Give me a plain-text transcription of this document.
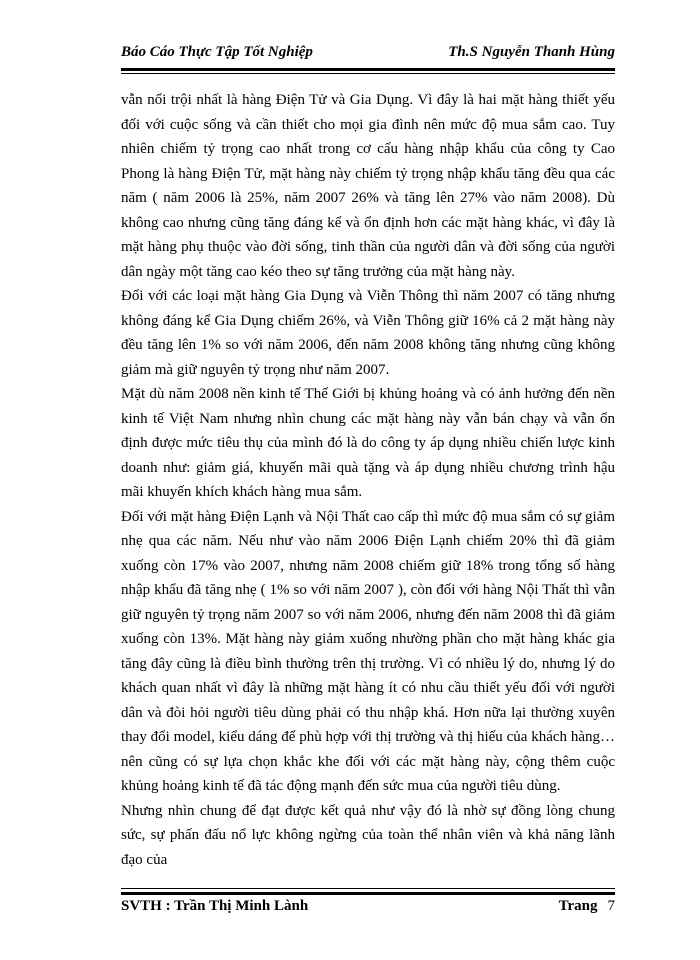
Báo Cáo Thực Tập Tốt Nghiệp	Th.S Nguyễn Thanh Hùng

vẫn nổi trội nhất là hàng Điện Tử và Gia Dụng. Vì đây là hai mặt hàng thiết yếu đối với cuộc sống và cần thiết cho mọi gia đình nên mức độ mua sắm cao. Tuy nhiên chiếm tỷ trọng cao nhất trong cơ cấu hàng nhập khẩu của công ty Cao Phong là hàng Điện Tử, mặt hàng này chiếm tỷ trọng nhập khẩu tăng đều qua các năm ( năm 2006 là 25%, năm 2007 26% và tăng lên 27% vào năm 2008). Dù không cao nhưng cũng tăng đáng kể và ổn định hơn các mặt hàng khác, vì đây là mặt hàng phụ thuộc vào đời sống, tinh thần của người dân và đời sống của người dân ngày một tăng cao kéo theo sự tăng trưởng của mặt hàng này.

Đối với các loại mặt hàng Gia Dụng và Viễn Thông thì năm 2007 có tăng nhưng không đáng kể Gia Dụng chiếm 26%, và Viễn Thông giữ 16% cả 2 mặt hàng này đều tăng lên 1% so với năm 2006, đến năm 2008 không tăng nhưng cũng không giảm mà giữ nguyên tỷ trọng như năm 2007.

Mặt dù năm 2008 nền kinh tế Thế Giới bị khủng hoảng và có ảnh hưởng đến nền kinh tế Việt Nam nhưng nhìn chung các mặt hàng này vẫn bán chạy và vẫn ổn định được mức tiêu thụ của mình đó là do công ty áp dụng nhiều chiến lược kinh doanh như: giảm giá, khuyến mãi quà tặng và áp dụng nhiều chương trình hậu mãi khuyến khích khách hàng mua sắm.

Đối với mặt hàng Điện Lạnh và Nội Thất cao cấp thì mức độ mua sắm có sự giảm nhẹ qua các năm. Nếu như vào năm 2006 Điện Lạnh chiếm 20% thì đã giảm xuống còn 17% vào 2007, nhưng năm 2008 chiếm giữ 18% trong tổng số hàng nhập khẩu đã tăng nhẹ ( 1% so với năm 2007 ), còn đối với hàng Nội Thất thì vẫn giữ nguyên tỷ trọng năm 2007 so với năm 2006, nhưng đến năm 2008 thì đã giảm xuống còn 13%. Mặt hàng này giảm xuống nhường phần cho mặt hàng khác gia tăng đây cũng là điều bình thường trên thị trường. Vì có nhiều lý do, nhưng lý do khách quan nhất vì đây là những mặt hàng ít có nhu cầu thiết yếu đối với người dân và đòi hỏi người tiêu dùng phải có thu nhập khá. Hơn nữa lại thường xuyên thay đổi model, kiểu dáng để phù hợp với thị trường và thị hiếu của khách hàng… nên cũng có sự lựa chọn khắc khe đối với các mặt hàng này, cộng thêm cuộc khủng hoảng kinh tế đã tác động mạnh đến sức mua của người tiêu dùng.

Nhưng nhìn chung để đạt được kết quả như vậy đó là nhờ sự đồng lòng chung sức, sự phấn đấu nổ lực không ngừng của toàn thể nhân viên và khả năng lãnh đạo của

SVTH : Trần Thị Minh Lành	Trang 7
